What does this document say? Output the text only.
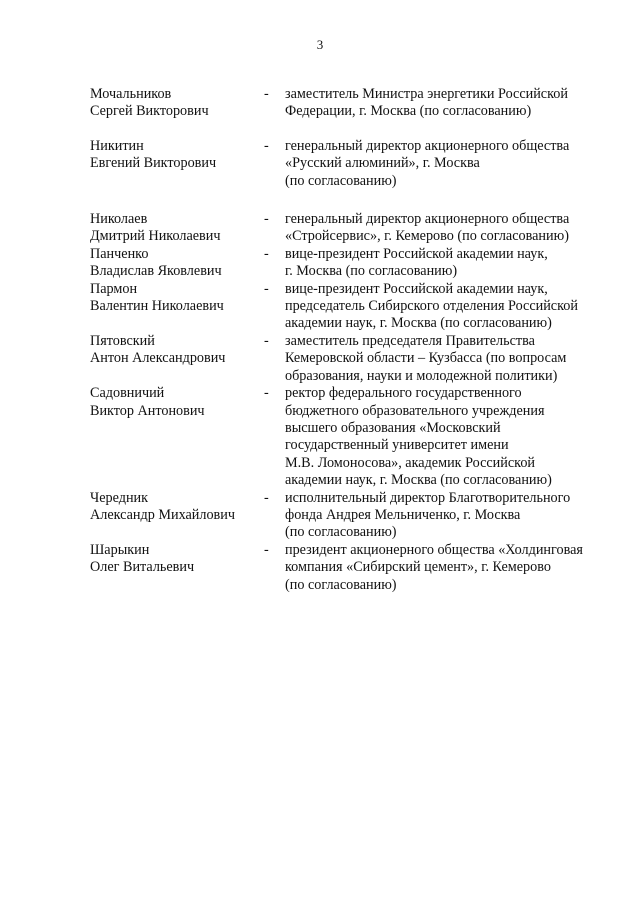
3
Мочальников
Сергей Викторович
-	заместитель Министра энергетики Российской
Федерации, г. Москва (по согласованию)
Никитин
Евгений Викторович
-	генеральный директор акционерного общества
«Русский алюминий», г. Москва
(по согласованию)
Николаев
Дмитрий Николаевич
-	генеральный директор акционерного общества
«Стройсервис», г. Кемерово (по согласованию)
Панченко
Владислав Яковлевич
-	вице-президент Российской академии наук,
г. Москва (по согласованию)
Пармон
Валентин Николаевич
-	вице-президент Российской академии наук,
председатель Сибирского отделения Российской
академии наук, г. Москва (по согласованию)
Пятовский
Антон Александрович
-	заместитель председателя Правительства
Кемеровской области – Кузбасса (по вопросам
образования, науки и молодежной политики)
Садовничий
Виктор Антонович
-	ректор федерального государственного
бюджетного образовательного учреждения
высшего образования «Московский
государственный университет имени
М.В. Ломоносова», академик Российской
академии наук, г. Москва (по согласованию)
Чередник
Александр Михайлович
-	исполнительный директор Благотворительного
фонда Андрея Мельниченко, г. Москва
(по согласованию)
Шарыкин
Олег Витальевич
-	президент акционерного общества «Холдинговая
компания «Сибирский цемент», г. Кемерово
(по согласованию)
